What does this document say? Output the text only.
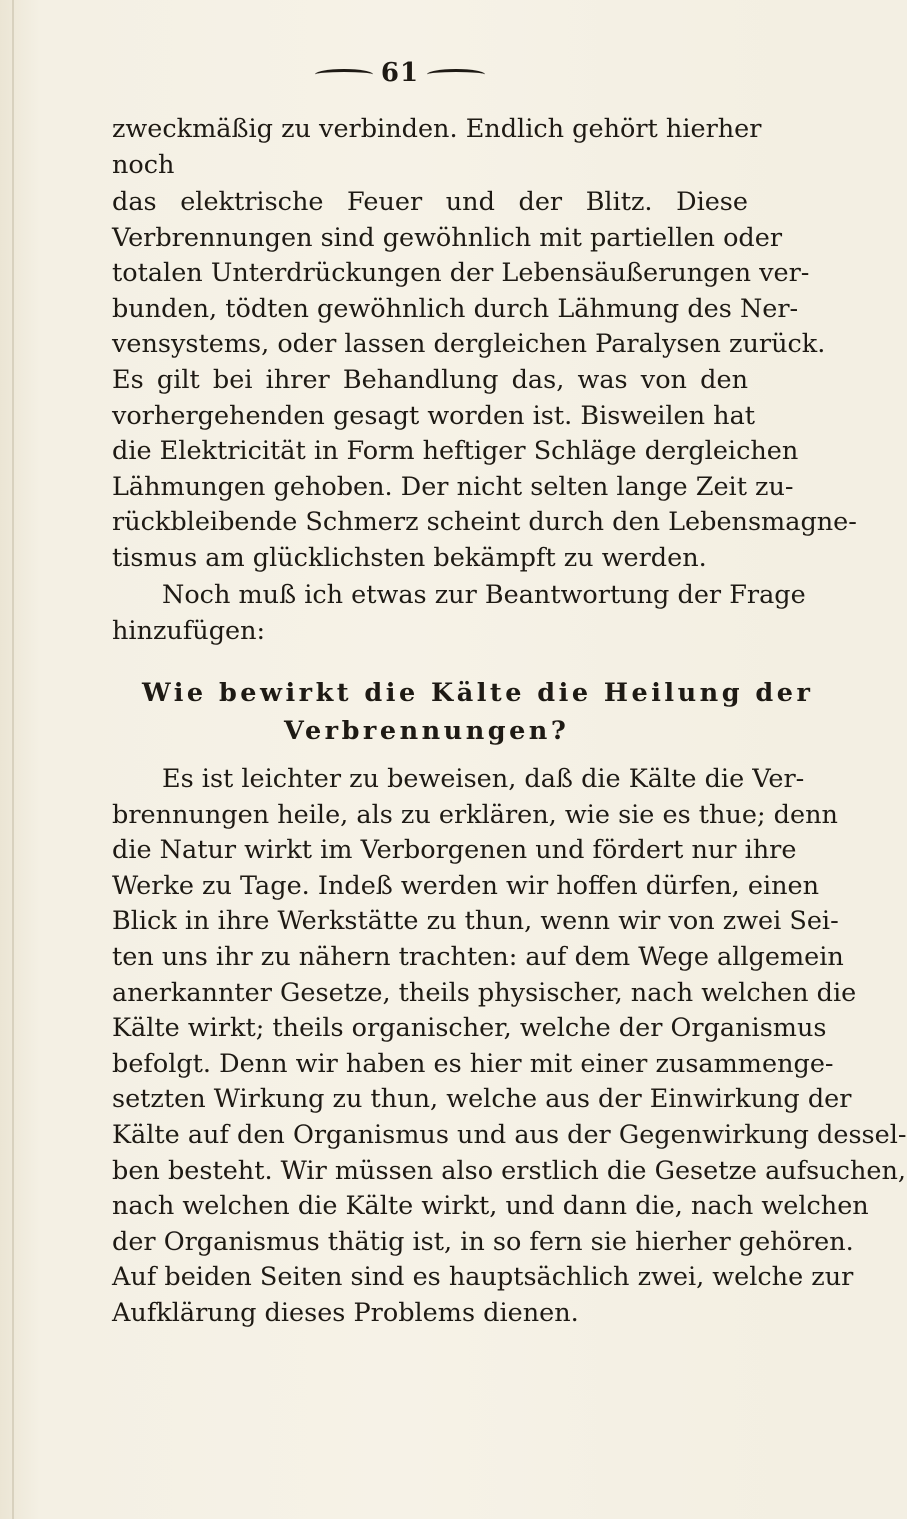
61
zweckmäßig zu verbinden. Endlich gehört hierher
noch
das elektrische Feuer und der Blitz. Diese
Verbrennungen sind gewöhnlich mit partiellen oder
totalen Unterdrückungen der Lebensäußerungen ver-
bunden, tödten gewöhnlich durch Lähmung des Ner-
vensystems, oder lassen dergleichen Paralysen zurück.
Es gilt bei ihrer Behandlung das, was von den
vorhergehenden gesagt worden ist. Bisweilen hat
die Elektricität in Form heftiger Schläge dergleichen
Lähmungen gehoben. Der nicht selten lange Zeit zu-
rückbleibende Schmerz scheint durch den Lebensmagne-
tismus am glücklichsten bekämpft zu werden.
Noch muß ich etwas zur Beantwortung der Frage
hinzufügen:
Wie bewirkt die Kälte die Heilung der
Verbrennungen?
Es ist leichter zu beweisen, daß die Kälte die Ver-
brennungen heile, als zu erklären, wie sie es thue; denn
die Natur wirkt im Verborgenen und fördert nur ihre
Werke zu Tage. Indeß werden wir hoffen dürfen, einen
Blick in ihre Werkstätte zu thun, wenn wir von zwei Sei-
ten uns ihr zu nähern trachten: auf dem Wege allgemein
anerkannter Gesetze, theils physischer, nach welchen die
Kälte wirkt; theils organischer, welche der Organismus
befolgt. Denn wir haben es hier mit einer zusammenge-
setzten Wirkung zu thun, welche aus der Einwirkung der
Kälte auf den Organismus und aus der Gegenwirkung dessel-
ben besteht. Wir müssen also erstlich die Gesetze aufsuchen,
nach welchen die Kälte wirkt, und dann die, nach welchen
der Organismus thätig ist, in so fern sie hierher gehören.
Auf beiden Seiten sind es hauptsächlich zwei, welche zur
Aufklärung dieses Problems dienen.
